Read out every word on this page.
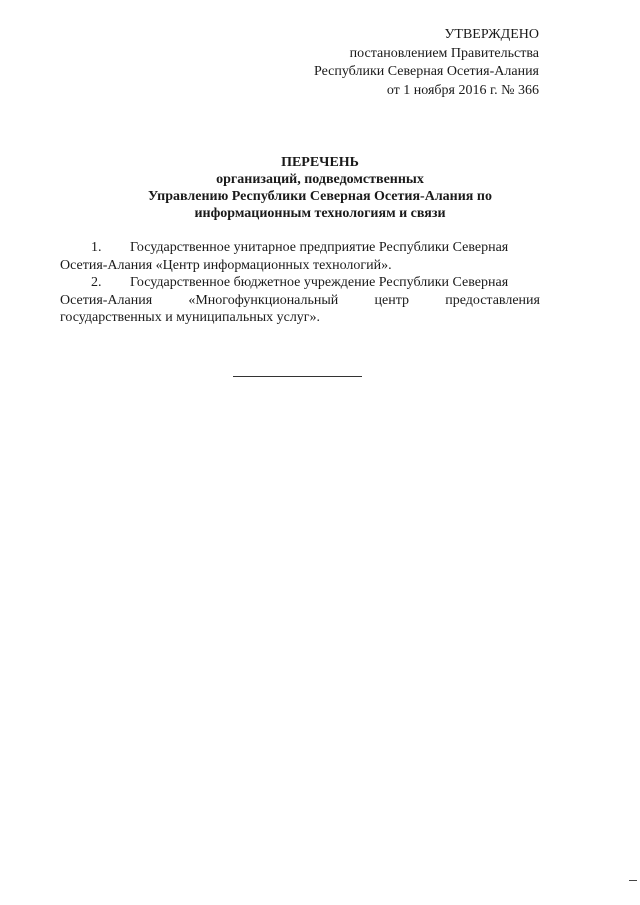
УТВЕРЖДЕНО
постановлением Правительства
Республики Северная Осетия-Алания
от 1 ноября 2016 г. № 366
ПЕРЕЧЕНЬ
организаций, подведомственных
Управлению Республики Северная Осетия-Алания по
информационным технологиям и связи
1. Государственное унитарное предприятие Республики Северная
Осетия-Алания «Центр информационных технологий».
2. Государственное бюджетное учреждение Республики Северная
Осетия-Алания	«Многофункциональный	центр	предоставления
государственных и муниципальных услуг».
